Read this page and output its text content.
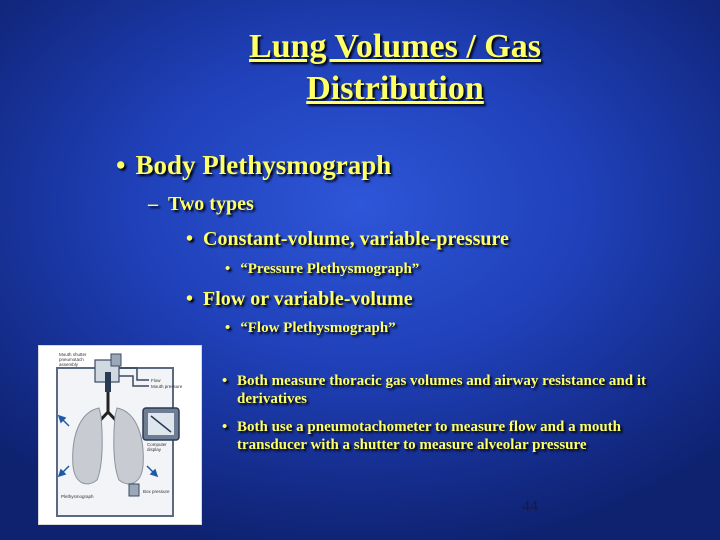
Lung Volumes / Gas
Distribution
• Body Plethysmograph
– Two types
• Constant-volume, variable-pressure
• “Pressure Plethysmograph”
• Flow or variable-volume
• “Flow Plethysmograph”
• Both measure thoracic gas volumes and airway resistance and it derivatives
• Both use a pneumotachometer to measure flow and a mouth transducer with a shutter to measure alveolar pressure
44
Mouth shutter
pneumotach
assembly
Flow
Mouth pressure
Computer
display
Plethysmograph
Box pressure
